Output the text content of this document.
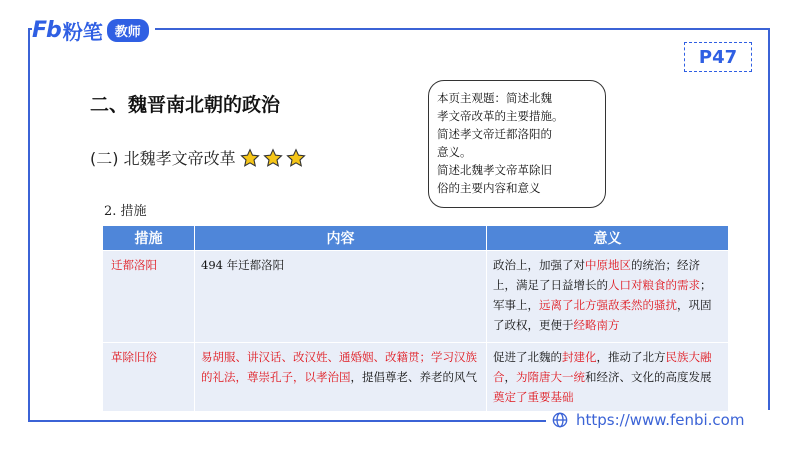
Fb 粉笔 教师
P47
二、魏晋南北朝的政治
(二) 北魏孝文帝改革
本页主观题：简述北魏
孝文帝改革的主要措施。
简述孝文帝迁都洛阳的
意义。
简述北魏孝文帝革除旧
俗的主要内容和意义
2. 措施
措施	内容	意义
迁都洛阳	494 年迁都洛阳	政治上，加强了对中原地区的统治；经济上，满足了日益增长的人口对粮食的需求；军事上，远离了北方强敌柔然的骚扰，巩固了政权，更便于经略南方
革除旧俗	易胡服、讲汉话、改汉姓、通婚姻、改籍贯；学习汉族的礼法，尊崇孔子，以孝治国，提倡尊老、养老的风气	促进了北魏的封建化，推动了北方民族大融合，为隋唐大一统和经济、文化的高度发展奠定了重要基础
https://www.fenbi.com
